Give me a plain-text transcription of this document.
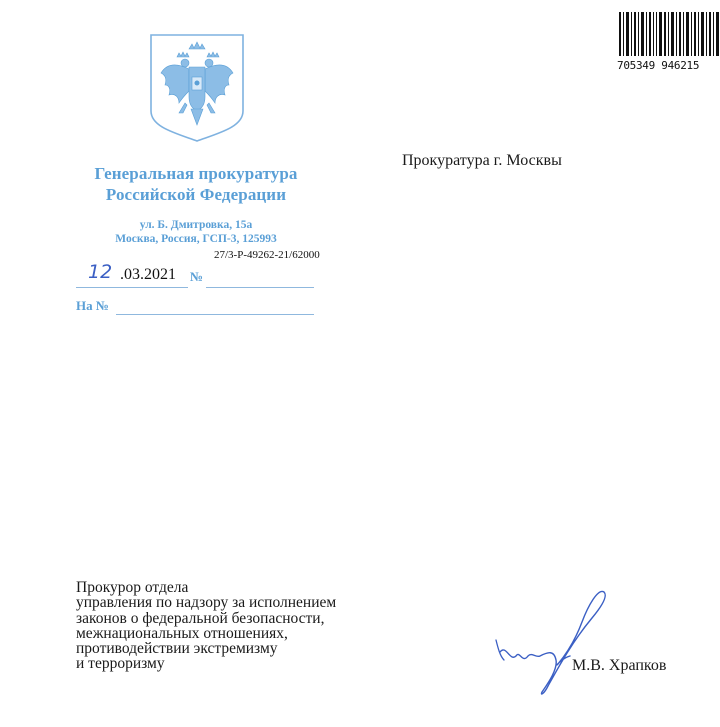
705349 946215
Генеральная прокуратура
Российской Федерации
ул. Б. Дмитровка, 15а
Москва, Россия, ГСП-3, 125993
27/3-Р-49262-21/62000
12 .03.2021 №
На №
Прокуратура г. Москвы
Прокурор отдела
управления по надзору за исполнением
законов о федеральной безопасности,
межнациональных отношениях,
противодействии экстремизму
и терроризму	М.В. Храпков
